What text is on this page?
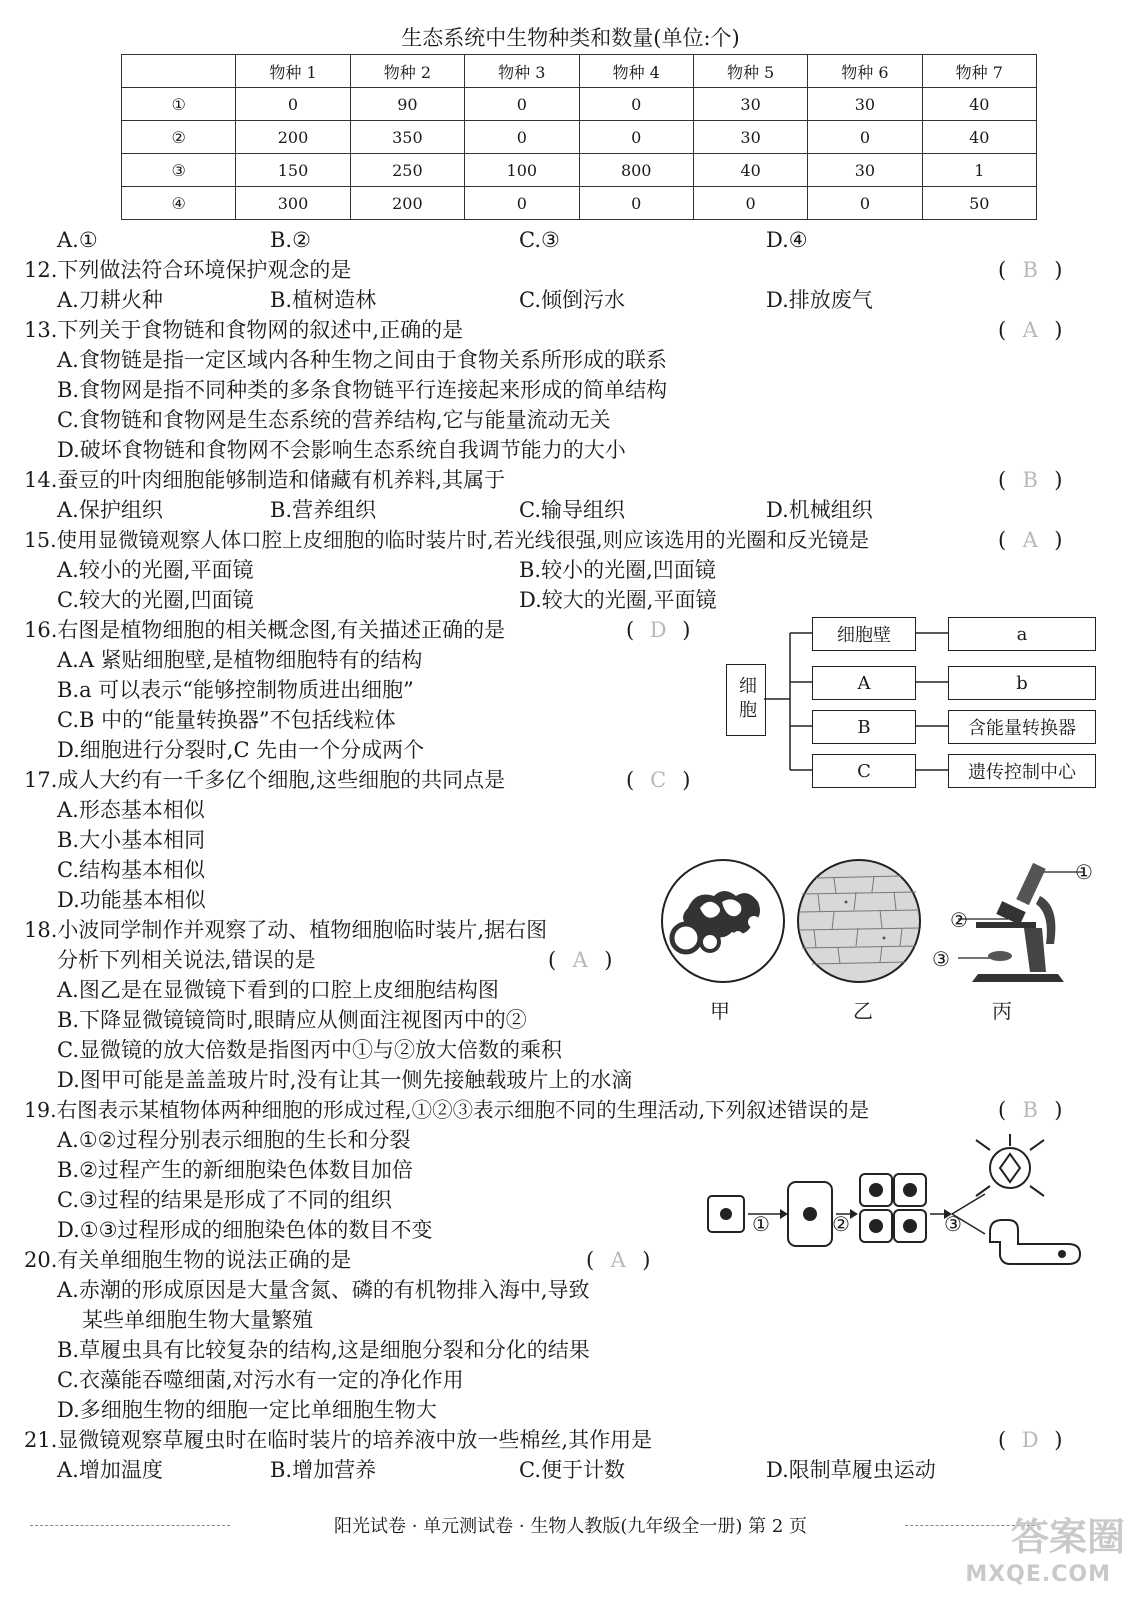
生态系统中生物种类和数量(单位:个)
	物种 1	物种 2	物种 3	物种 4	物种 5	物种 6	物种 7
①	0	90	0	0	30	30	40
②	200	350	0	0	30	0	40
③	150	250	100	800	40	30	1
④	300	200	0	0	0	0	50
A.①	B.②	C.③	D.④
12.下列做法符合环境保护观念的是	( B )
A.刀耕火种	B.植树造林	C.倾倒污水	D.排放废气
13.下列关于食物链和食物网的叙述中,正确的是	( A )
A.食物链是指一定区域内各种生物之间由于食物关系所形成的联系
B.食物网是指不同种类的多条食物链平行连接起来形成的简单结构
C.食物链和食物网是生态系统的营养结构,它与能量流动无关
D.破坏食物链和食物网不会影响生态系统自我调节能力的大小
14.蚕豆的叶肉细胞能够制造和储藏有机养料,其属于	( B )
A.保护组织	B.营养组织	C.输导组织	D.机械组织
15.使用显微镜观察人体口腔上皮细胞的临时装片时,若光线很强,则应该选用的光圈和反光镜是	( A )
A.较小的光圈,平面镜	B.较小的光圈,凹面镜
C.较大的光圈,凹面镜	D.较大的光圈,平面镜
16.右图是植物细胞的相关概念图,有关描述正确的是	( D )
A.A 紧贴细胞壁,是植物细胞特有的结构
B.a 可以表示“能够控制物质进出细胞”
C.B 中的“能量转换器”不包括线粒体
D.细胞进行分裂时,C 先由一个分成两个
细胞
细胞壁
A
B
C
a
b
含能量转换器
遗传控制中心
17.成人大约有一千多亿个细胞,这些细胞的共同点是	( C )
A.形态基本相似
B.大小基本相同
C.结构基本相似
D.功能基本相似
18.小波同学制作并观察了动、植物细胞临时装片,据右图
分析下列相关说法,错误的是	( A )
A.图乙是在显微镜下看到的口腔上皮细胞结构图
B.下降显微镜镜筒时,眼睛应从侧面注视图丙中的②
C.显微镜的放大倍数是指图丙中①与②放大倍数的乘积
D.图甲可能是盖盖玻片时,没有让其一侧先接触载玻片上的水滴
①
②
③
甲	乙	丙
19.右图表示某植物体两种细胞的形成过程,①②③表示细胞不同的生理活动,下列叙述错误的是	( B )
A.①②过程分别表示细胞的生长和分裂
B.②过程产生的新细胞染色体数目加倍
C.③过程的结果是形成了不同的组织
D.①③过程形成的细胞染色体的数目不变	①	②	③
20.有关单细胞生物的说法正确的是	( A )
A.赤潮的形成原因是大量含氮、磷的有机物排入海中,导致
某些单细胞生物大量繁殖
B.草履虫具有比较复杂的结构,这是细胞分裂和分化的结果
C.衣藻能吞噬细菌,对污水有一定的净化作用
D.多细胞生物的细胞一定比单细胞生物大
21.显微镜观察草履虫时在临时装片的培养液中放一些棉丝,其作用是	( D )
A.增加温度	B.增加营养	C.便于计数	D.限制草履虫运动
阳光试卷 · 单元测试卷 · 生物人教版(九年级全一册) 第 2 页	答案圈
MXQE.COM
